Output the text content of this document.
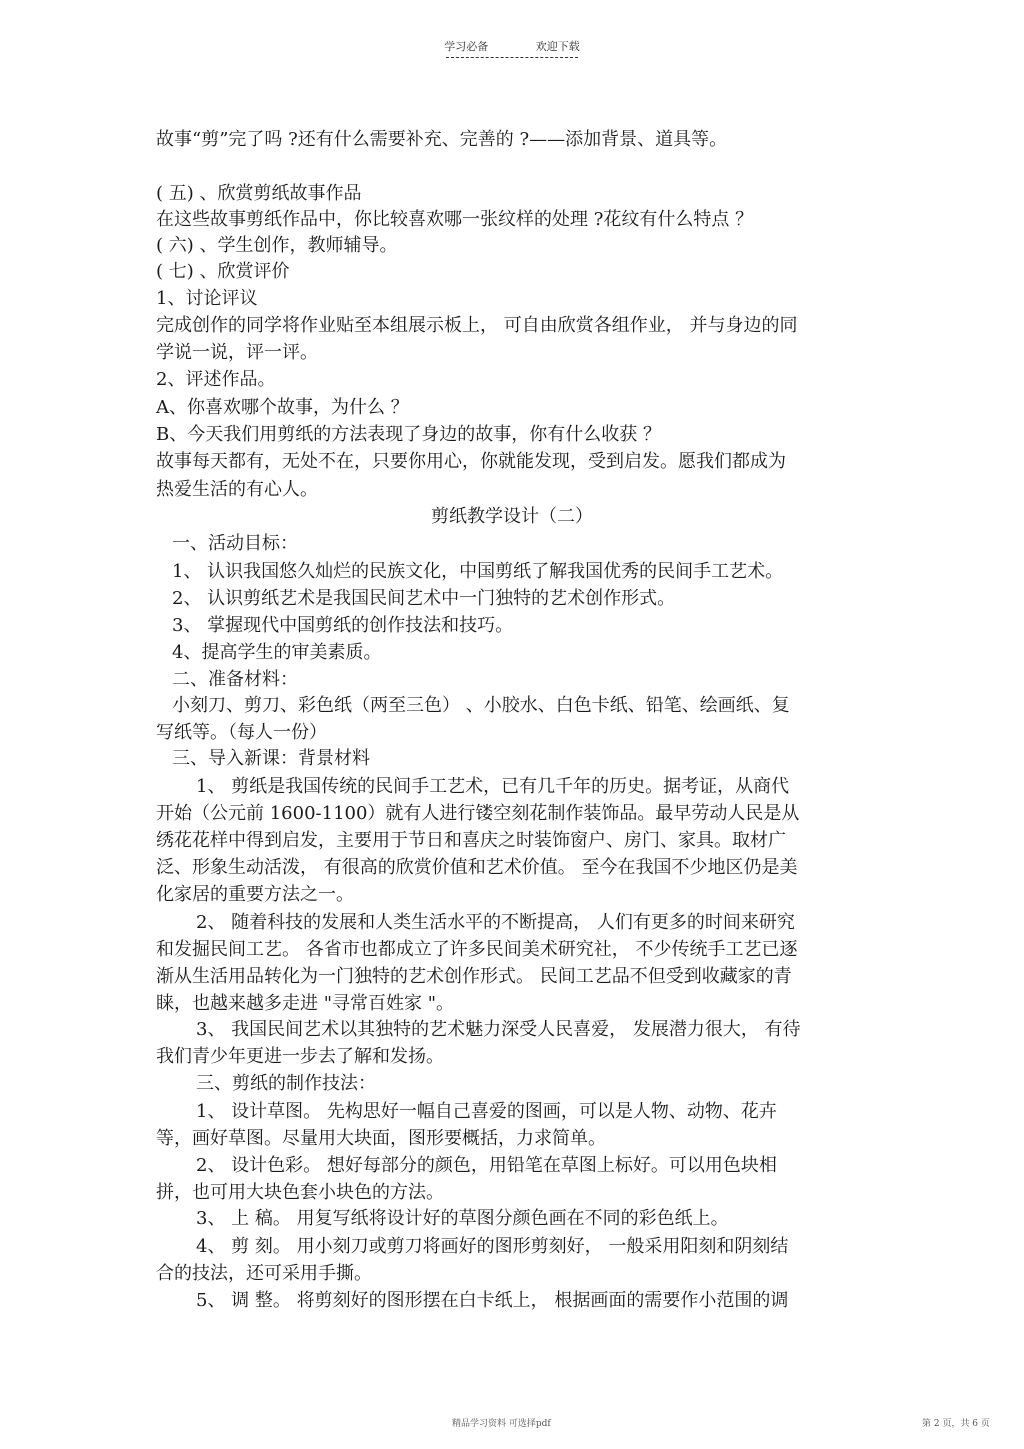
学习必备	欢迎下载
故事“剪”完了吗 ?还有什么需要补充、完善的 ?——添加背景、道具等。
( 五) 、欣赏剪纸故事作品
在这些故事剪纸作品中，你比较喜欢哪一张纹样的处理 ?花纹有什么特点 ？
( 六) 、学生创作，教师辅导。
( 七) 、欣赏评价
1、讨论评议
完成创作的同学将作业贴至本组展示板上， 可自由欣赏各组作业， 并与身边的同
学说一说，评一评。
2、评述作品。
A、你喜欢哪个故事，为什么 ？
B、今天我们用剪纸的方法表现了身边的故事，你有什么收获 ？
故事每天都有，无处不在，只要你用心，你就能发现，受到启发。愿我们都成为
热爱生活的有心人。
剪纸教学设计（二）
一、活动目标：
1、 认识我国悠久灿烂的民族文化，中国剪纸了解我国优秀的民间手工艺术。
2、 认识剪纸艺术是我国民间艺术中一门独特的艺术创作形式。
3、 掌握现代中国剪纸的创作技法和技巧。
4、提高学生的审美素质。
二、准备材料：
小刻刀、剪刀、彩色纸（两至三色） 、小胶水、白色卡纸、铅笔、绘画纸、复
写纸等。（每人一份）
三、导入新课：背景材料
1、 剪纸是我国传统的民间手工艺术，已有几千年的历史。据考证，从商代
开始（公元前 1600-1100）就有人进行镂空刻花制作装饰品。最早劳动人民是从
绣花花样中得到启发，主要用于节日和喜庆之时装饰窗户、房门、家具。取材广
泛、形象生动活泼， 有很高的欣赏价值和艺术价值。 至今在我国不少地区仍是美
化家居的重要方法之一。
2、 随着科技的发展和人类生活水平的不断提高， 人们有更多的时间来研究
和发掘民间工艺。 各省市也都成立了许多民间美术研究社， 不少传统手工艺已逐
渐从生活用品转化为一门独特的艺术创作形式。 民间工艺品不但受到收藏家的青
睐，也越来越多走进 "寻常百姓家 "。
3、 我国民间艺术以其独特的艺术魅力深受人民喜爱， 发展潜力很大， 有待
我们青少年更进一步去了解和发扬。
三、剪纸的制作技法：
1、 设计草图。 先构思好一幅自己喜爱的图画，可以是人物、动物、花卉
等，画好草图。尽量用大块面，图形要概括，力求简单。
2、 设计色彩。 想好每部分的颜色，用铅笔在草图上标好。可以用色块相
拼，也可用大块色套小块色的方法。
3、 上 稿。 用复写纸将设计好的草图分颜色画在不同的彩色纸上。
4、 剪 刻。 用小刻刀或剪刀将画好的图形剪刻好， 一般采用阳刻和阴刻结
合的技法，还可采用手撕。
5、 调 整。 将剪刻好的图形摆在白卡纸上， 根据画面的需要作小范围的调
精品学习资料 可选择pdf	第 2 页，共 6 页
